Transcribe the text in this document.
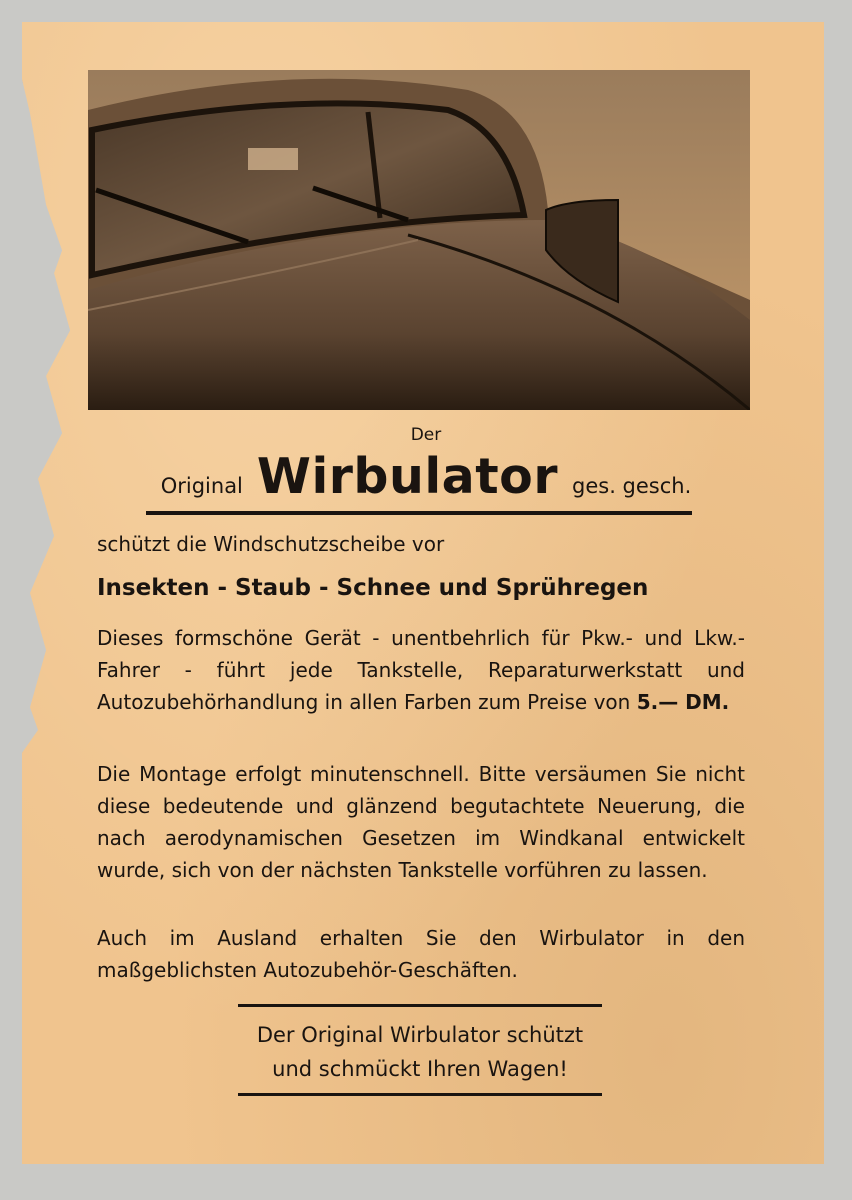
Der
Original Wirbulator ges. gesch.
schützt die Windschutzscheibe vor
Insekten - Staub - Schnee und Sprühregen
Dieses formschöne Gerät - unentbehrlich für Pkw.- und Lkw.-Fahrer - führt jede Tankstelle, Reparaturwerkstatt und Autozubehörhandlung in allen Farben zum Preise von 5.— DM.
Die Montage erfolgt minutenschnell. Bitte versäumen Sie nicht diese bedeutende und glänzend begutachtete Neuerung, die nach aerodynamischen Gesetzen im Windkanal entwickelt wurde, sich von der nächsten Tankstelle vorführen zu lassen.
Auch im Ausland erhalten Sie den Wirbulator in den maßgeblichsten Autozubehör-Geschäften.
Der Original Wirbulator schützt
und schmückt Ihren Wagen!
